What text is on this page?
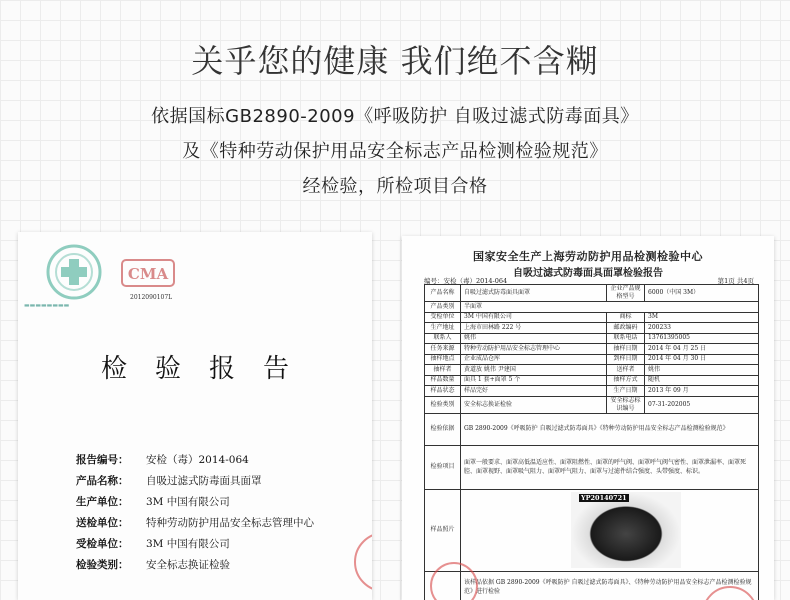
关乎您的健康 我们绝不含糊
依据国标GB2890-2009《呼吸防护 自吸过滤式防毒面具》
及《特种劳动保护用品安全标志产品检测检验规范》
经检验，所检项目合格
▬▬▬▬▬▬▬▬
CMA
2012090107L
检验报告
报告编号： 安检（毒）2014-064
产品名称： 自吸过滤式防毒面具面罩
生产单位： 3M 中国有限公司
送检单位： 特种劳动防护用品安全标志管理中心
受检单位： 3M 中国有限公司
检验类别： 安全标志换证检验
国家安全生产上海劳动防护用品检测检验中心
自吸过滤式防毒面具面罩检验报告
编号：安检（毒）2014-064	第1页 共4页
产品名称	自吸过滤式防毒面具面罩	企业产品规格型号	6000（中国 3M）
产品类别	半面罩		
受检单位	3M 中国有限公司	商标	3M
生产地址	上海市田林路 222 号	邮政编码	200233
联系人	姚伟	联系电话	13761395005
任务来源	特种劳动防护用品安全标志管理中心	抽样日期	2014 年 04 月 25 日
抽样地点	企业成品仓库	到样日期	2014 年 04 月 30 日
抽样者	黄道放 姚伟 尹建国	送样者	姚伟
样品数量	面具 1 套+面罩 5 个	抽样方式	随机
样品状态	样品完好	生产日期	2013 年 09 月
检验类别	安全标志换证检验	安全标志标识编号	07-31-202005
检验依据	GB 2890-2009《呼吸防护 自吸过滤式防毒面具》《特种劳动防护用品安全标志产品检测检验规范》		
检验项目	面罩一般要求、面罩高低温适应性、面罩阻燃性、面罩的呼气阀、面罩呼气阀气密性、面罩泄漏率、面罩死腔、面罩视野、面罩吸气阻力、面罩呼气阻力、面罩与过滤件结合强度、头带强度、标识。		
样品照片	YP20140721		

	该样品依据 GB 2890-2009《呼吸防护 自吸过滤式防毒面具》、《特种劳动防护用品安全标志产品检测检验规范》进行检验		
